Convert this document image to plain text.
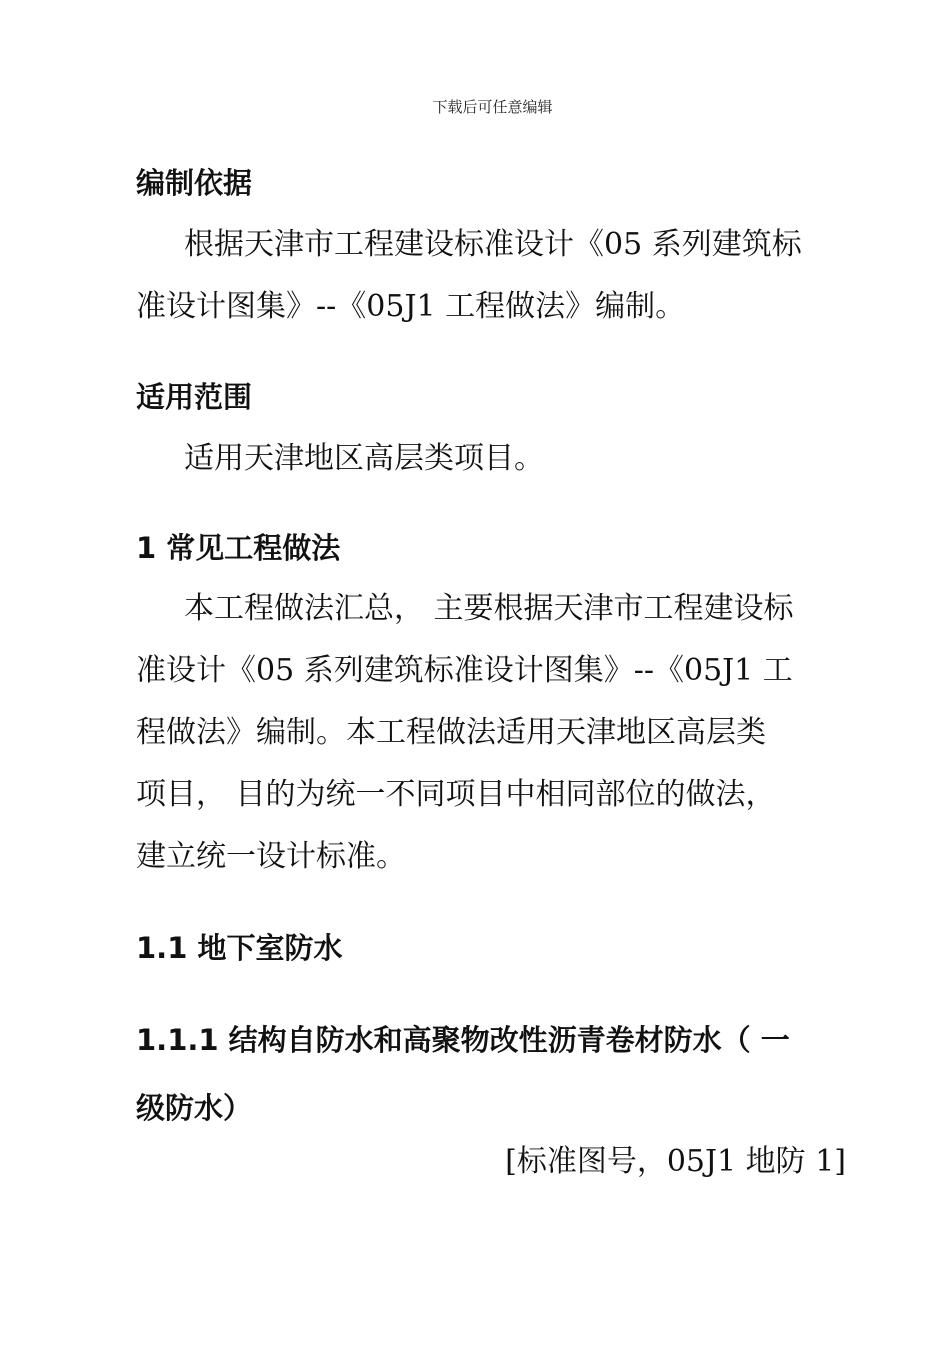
下载后可任意编辑
编制依据
根据天津市工程建设标准设计《05 系列建筑标
准设计图集》--《05J1 工程做法》编制。
适用范围
适用天津地区高层类项目。
1 常见工程做法
本工程做法汇总， 主要根据天津市工程建设标
准设计《05 系列建筑标准设计图集》--《05J1 工
程做法》编制。本工程做法适用天津地区高层类
项目， 目的为统一不同项目中相同部位的做法，
建立统一设计标准。
1.1 地下室防水
1.1.1 结构自防水和高聚物改性沥青卷材防水（ 一
级防水）
[标准图号，05J1 地防 1]
